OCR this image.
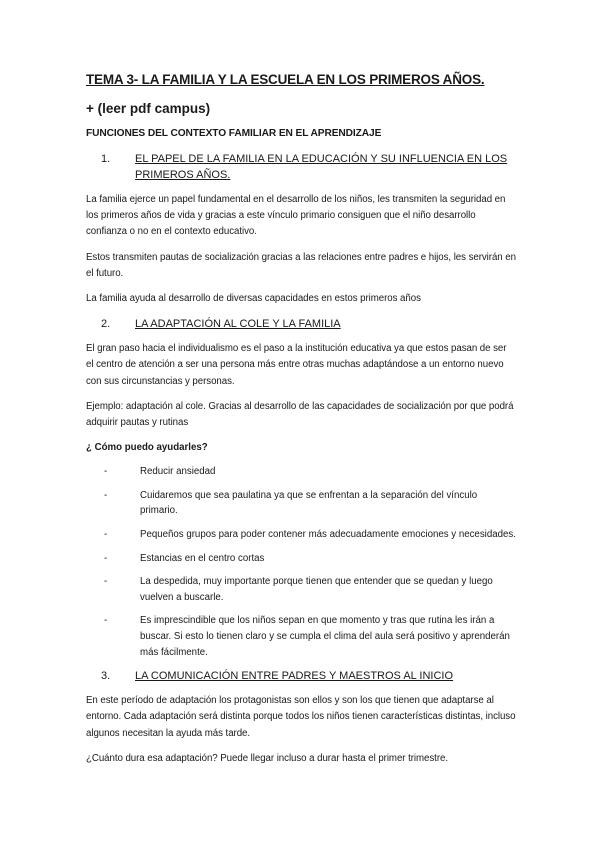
TEMA 3- LA FAMILIA Y LA ESCUELA EN LOS PRIMEROS AÑOS.
+ (leer pdf campus)
FUNCIONES DEL CONTEXTO FAMILIAR EN EL APRENDIZAJE
1.	EL PAPEL DE LA FAMILIA EN LA EDUCACIÓN Y SU INFLUENCIA EN LOS PRIMEROS AÑOS.

La familia ejerce un papel fundamental en el desarrollo de los niños, les transmiten la seguridad en los primeros años de vida y gracias a este vínculo primario consiguen que el niño desarrollo confianza o no en el contexto educativo.

Estos transmiten pautas de socialización gracias a las relaciones entre padres e hijos, les servirán en el futuro.

La familia ayuda al desarrollo de diversas capacidades en estos primeros años

2.	LA ADAPTACIÓN AL COLE Y LA FAMILIA

El gran paso hacia el individualismo es el paso a la institución educativa ya que estos pasan de ser el centro de atención a ser una persona más entre otras muchas adaptándose a un entorno nuevo con sus circunstancias y personas.

Ejemplo: adaptación al cole. Gracias al desarrollo de las capacidades de socialización por que podrá adquirir pautas y rutinas

¿ Cómo puedo ayudarles?
-	Reducir ansiedad
-	Cuidaremos que sea paulatina ya que se enfrentan a la separación del vínculo primario.
-	Pequeños grupos para poder contener más adecuadamente emociones y necesidades.
-	Estancias en el centro cortas
-	La despedida, muy importante porque tienen que entender que se quedan y luego vuelven a buscarle.
-	Es imprescindible que los niños sepan en que momento y tras que rutina les irán a buscar. Si esto lo tienen claro y se cumpla el clima del aula será positivo y aprenderán más fácilmente.
3.	LA COMUNICACIÓN ENTRE PADRES Y MAESTROS AL INICIO

En este período de adaptación los protagonistas son ellos y son los que tienen que adaptarse al entorno. Cada adaptación será distinta porque todos los niños tienen características distintas, incluso algunos necesitan la ayuda más tarde.

¿Cuánto dura esa adaptación? Puede llegar incluso a durar hasta el primer trimestre.
